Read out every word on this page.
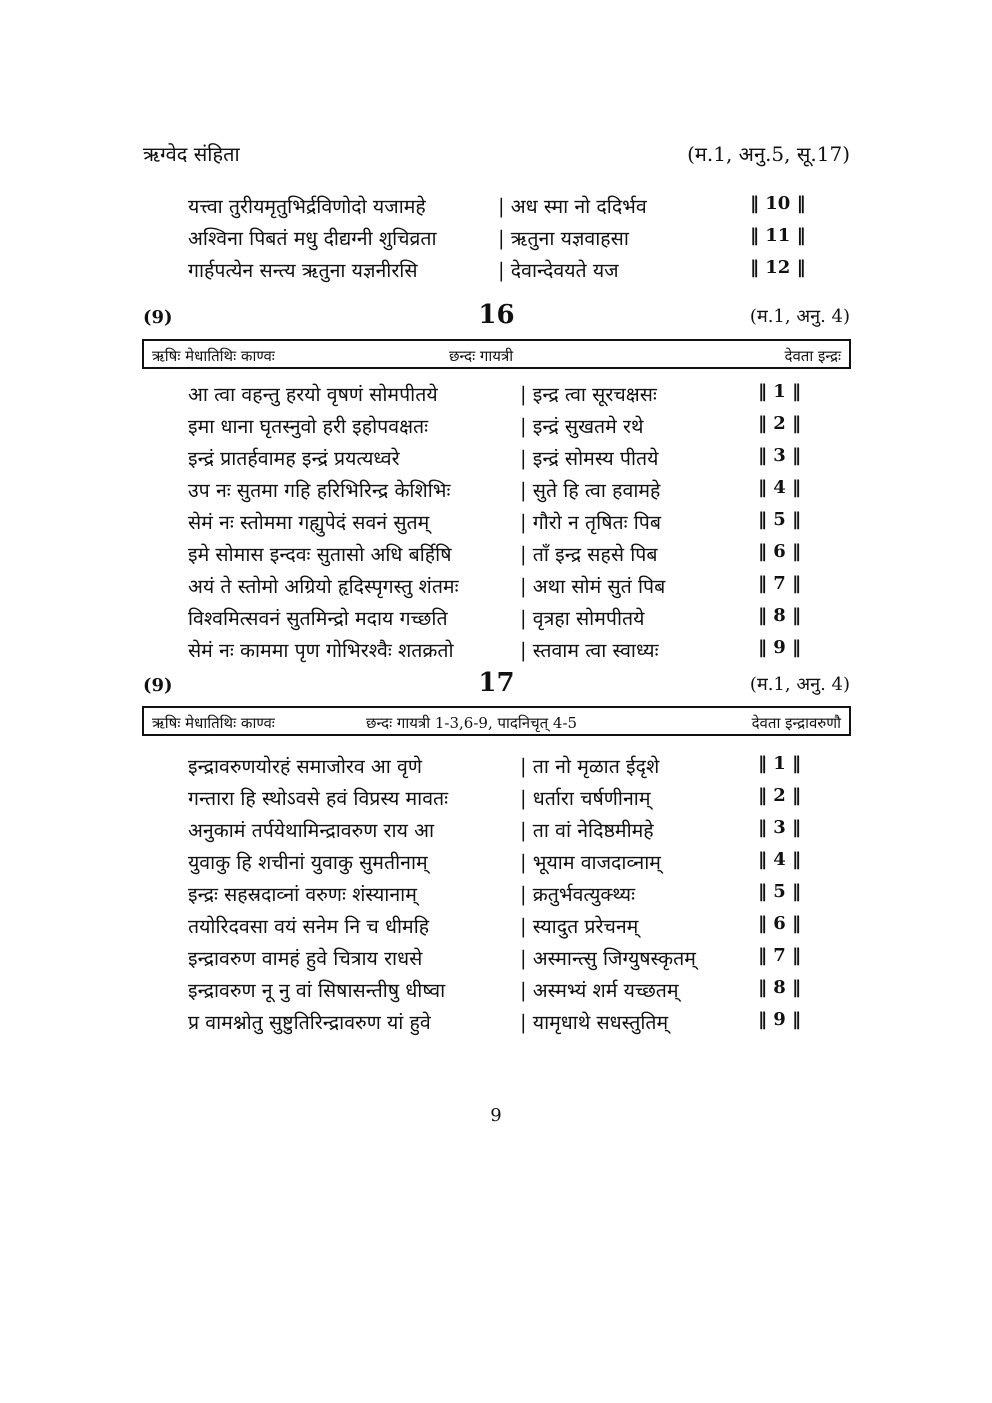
ऋग्वेद संहिता	(म.1, अनु.5, सू.17)
यत्त्वा तुरीयमृतुभिर्द्रविणोदो यजामहे	| अध स्मा नो ददिर्भव	‖ 10 ‖
अश्विना पिबतं मधु दीद्यग्नी शुचिव्रता	| ऋतुना यज्ञवाहसा	‖ 11 ‖
गार्हपत्येन सन्त्य ऋतुना यज्ञनीरसि	| देवान्देवयते यज	‖ 12 ‖
(9)	16	(म.1, अनु. 4)
ऋषिः मेधातिथिः काण्वः	छन्दः गायत्री	देवता इन्द्रः
आ त्वा वहन्तु हरयो वृषणं सोमपीतये	| इन्द्र त्वा सूरचक्षसः	‖ 1 ‖
इमा धाना घृतस्नुवो हरी इहोपवक्षतः	| इन्द्रं सुखतमे रथे	‖ 2 ‖
इन्द्रं प्रातर्हवामह इन्द्रं प्रयत्यध्वरे	| इन्द्रं सोमस्य पीतये	‖ 3 ‖
उप नः सुतमा गहि हरिभिरिन्द्र केशिभिः	| सुते हि त्वा हवामहे	‖ 4 ‖
सेमं नः स्तोममा गह्युपेदं सवनं सुतम्	| गौरो न तृषितः पिब	‖ 5 ‖
इमे सोमास इन्दवः सुतासो अधि बर्हिषि	| ताँ इन्द्र सहसे पिब	‖ 6 ‖
अयं ते स्तोमो अग्रियो हृदिस्पृगस्तु शंतमः	| अथा सोमं सुतं पिब	‖ 7 ‖
विश्वमित्सवनं सुतमिन्द्रो मदाय गच्छति	| वृत्रहा सोमपीतये	‖ 8 ‖
सेमं नः काममा पृण गोभिरश्वैः शतक्रतो	| स्तवाम त्वा स्वाध्यः	‖ 9 ‖
(9)	17	(म.1, अनु. 4)
ऋषिः मेधातिथिः काण्वः	छन्दः गायत्री 1-3,6-9, पादनिचृत् 4-5	देवता इन्द्रावरुणौ
इन्द्रावरुणयोरहं समाजोरव आ वृणे	| ता नो मृळात ईदृशे	‖ 1 ‖
गन्तारा हि स्थोऽवसे हवं विप्रस्य मावतः	| धर्तारा चर्षणीनाम्	‖ 2 ‖
अनुकामं तर्पयेथामिन्द्रावरुण राय आ	| ता वां नेदिष्ठमीमहे	‖ 3 ‖
युवाकु हि शचीनां युवाकु सुमतीनाम्	| भूयाम वाजदाव्नाम्	‖ 4 ‖
इन्द्रः सहस्रदाव्नां वरुणः शंस्यानाम्	| क्रतुर्भवत्युक्थ्यः	‖ 5 ‖
तयोरिदवसा वयं सनेम नि च धीमहि	| स्यादुत प्ररेचनम्	‖ 6 ‖
इन्द्रावरुण वामहं हुवे चित्राय राधसे	| अस्मान्त्सु जिग्युषस्कृतम्	‖ 7 ‖
इन्द्रावरुण नू नु वां सिषासन्तीषु धीष्वा	| अस्मभ्यं शर्म यच्छतम्	‖ 8 ‖
प्र वामश्नोतु सुष्टुतिरिन्द्रावरुण यां हुवे	| यामृधाथे सधस्तुतिम्	‖ 9 ‖
9
